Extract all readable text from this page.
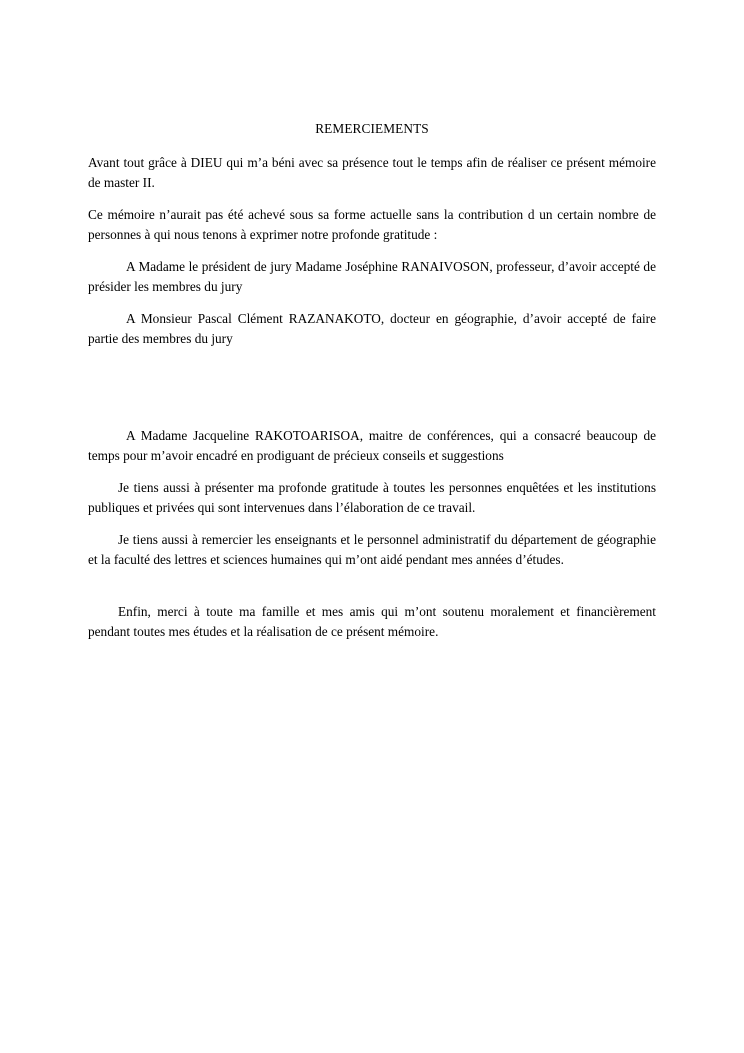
REMERCIEMENTS

Avant tout grâce à DIEU qui m’a béni avec sa présence tout le temps afin de réaliser ce présent mémoire de master II.

Ce mémoire n’aurait pas été achevé sous sa forme actuelle sans la contribution d un certain nombre de personnes à qui nous tenons à exprimer notre profonde gratitude :

A Madame le président de jury Madame Joséphine RANAIVOSON, professeur, d’avoir accepté de présider les membres du jury

A Monsieur Pascal Clément RAZANAKOTO, docteur en géographie, d’avoir accepté de faire partie des membres du jury

A Madame Jacqueline RAKOTOARISOA, maitre de conférences, qui a consacré beaucoup de temps pour m’avoir encadré en prodiguant de précieux conseils et suggestions

Je tiens aussi à présenter ma profonde gratitude à toutes les personnes enquêtées et les institutions publiques et privées qui sont intervenues dans l’élaboration de ce travail.

Je tiens aussi à remercier les enseignants et le personnel administratif du département de géographie et la faculté des lettres et sciences humaines qui m’ont aidé pendant mes années d’études.

Enfin, merci à toute ma famille et mes amis qui m’ont soutenu moralement et financièrement pendant toutes mes études et la réalisation de ce présent mémoire.
